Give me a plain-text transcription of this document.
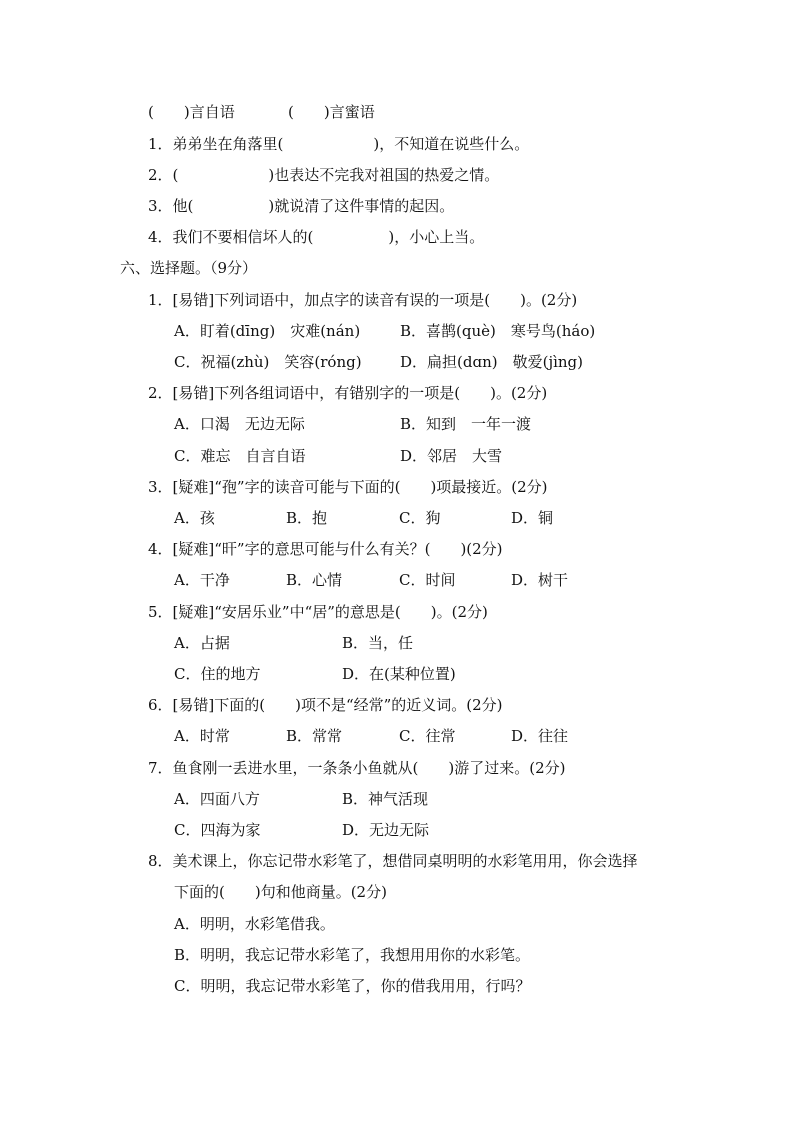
(　　)言自语	(　　)言蜜语
1．弟弟坐在角落里(　　　　　　)，不知道在说些什么。
2．(　　　　　　)也表达不完我对祖国的热爱之情。
3．他(　　　　　)就说清了这件事情的起因。
4．我们不要相信坏人的(　　　　　)，小心上当。
六、选择题。（9分）
1．[易错]下列词语中，加点字的读音有误的一项是(　　)。(2分)
A．盯着(dīng)　灾难(nán)	B．喜鹊(què)　寒号鸟(háo)
C．祝福(zhù)　笑容(róng)	D．扁担(dɑn)　敬爱(jìng)
2．[易错]下列各组词语中，有错别字的一项是(　　)。(2分)
A．口渴　无边无际	B．知到　一年一渡
C．难忘　自言自语	D．邻居　大雪
3．[疑难]“孢”字的读音可能与下面的(　　)项最接近。(2分)
A．孩	B．抱	C．狗	D．铜
4．[疑难]“旰”字的意思可能与什么有关？(　　)(2分)
A．干净	B．心情	C．时间	D．树干
5．[疑难]“安居乐业”中“居”的意思是(　　)。(2分)
A．占据	B．当，任
C．住的地方	D．在(某种位置)
6．[易错]下面的(　　)项不是“经常”的近义词。(2分)
A．时常	B．常常	C．往常	D．往往
7．鱼食刚一丢进水里，一条条小鱼就从(　　)游了过来。(2分)
A．四面八方	B．神气活现
C．四海为家	D．无边无际
8．美术课上，你忘记带水彩笔了，想借同桌明明的水彩笔用用，你会选择
下面的(　　)句和他商量。(2分)
A．明明，水彩笔借我。
B．明明，我忘记带水彩笔了，我想用用你的水彩笔。
C．明明，我忘记带水彩笔了，你的借我用用，行吗？
